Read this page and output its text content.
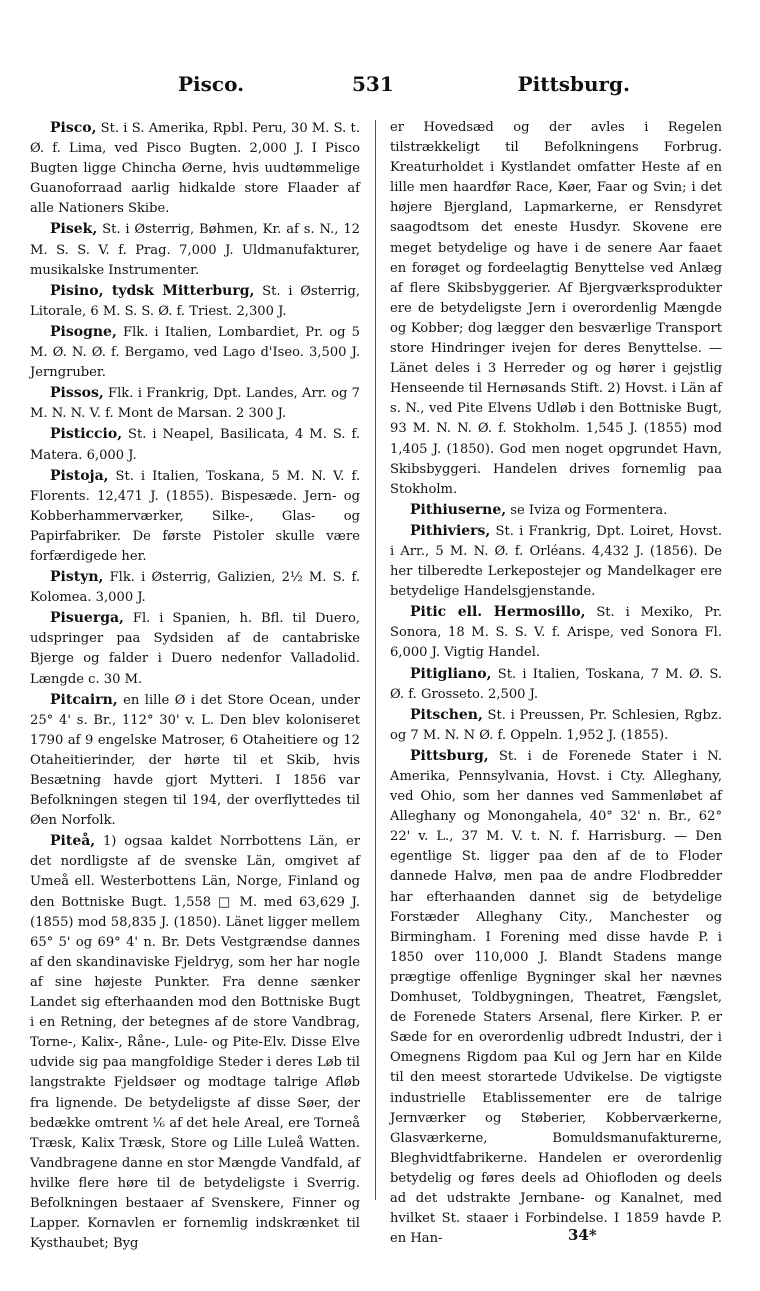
Pisco.	531	Pittsburg.

Pisco, St. i S. Amerika, Rpbl. Peru, 30 M. S. t. Ø. f. Lima, ved Pisco Bugten. 2,000 J. I Pisco Bugten ligge Chincha Øerne, hvis uudtømmelige Guanoforraad aarlig hidkalde store Flaader af alle Nationers Skibe.

Pisek, St. i Østerrig, Bøhmen, Kr. af s. N., 12 M. S. S. V. f. Prag. 7,000 J. Uldmanufakturer, musikalske Instrumenter.

Pisino, tydsk Mitterburg, St. i Østerrig, Litorale, 6 M. S. S. Ø. f. Triest. 2,300 J.

Pisogne, Flk. i Italien, Lombardiet, Pr. og 5 M. Ø. N. Ø. f. Bergamo, ved Lago d'Iseo. 3,500 J. Jerngruber.

Pissos, Flk. i Frankrig, Dpt. Landes, Arr. og 7 M. N. N. V. f. Mont de Marsan. 2 300 J.

Pisticcio, St. i Neapel, Basilicata, 4 M. S. f. Matera. 6,000 J.

Pistoja, St. i Italien, Toskana, 5 M. N. V. f. Florents. 12,471 J. (1855). Bispesæde. Jern- og Kobberhammerværker, Silke-, Glas- og Papirfabriker. De første Pistoler skulle være forfærdigede her.

Pistyn, Flk. i Østerrig, Galizien, 2½ M. S. f. Kolomea. 3,000 J.

Pisuerga, Fl. i Spanien, h. Bfl. til Duero, udspringer paa Sydsiden af de cantabriske Bjerge og falder i Duero nedenfor Valladolid. Længde c. 30 M.

Pitcairn, en lille Ø i det Store Ocean, under 25° 4' s. Br., 112° 30' v. L. Den blev koloniseret 1790 af 9 engelske Matroser, 6 Otaheitiere og 12 Otaheitierinder, der hørte til et Skib, hvis Besætning havde gjort Mytteri. I 1856 var Befolkningen stegen til 194, der overflyttedes til Øen Norfolk.

Piteå, 1) ogsaa kaldet Norrbottens Län, er det nordligste af de svenske Län, omgivet af Umeå ell. Westerbottens Län, Norge, Finland og den Bottniske Bugt. 1,558 □ M. med 63,629 J. (1855) mod 58,835 J. (1850). Länet ligger mellem 65° 5' og 69° 4' n. Br. Dets Vestgrændse dannes af den skandinaviske Fjeldryg, som her har nogle af sine højeste Punkter. Fra denne sænker Landet sig efterhaanden mod den Bottniske Bugt i en Retning, der betegnes af de store Vandbrag, Torne-, Kalix-, Råne-, Lule- og Pite-Elv. Disse Elve udvide sig paa mangfoldige Steder i deres Løb til langstrakte Fjeldsøer og modtage talrige Afløb fra lignende. De betydeligste af disse Søer, der bedække omtrent ⅙ af det hele Areal, ere Torneå Træsk, Kalix Træsk, Store og Lille Luleå Watten. Vandbragene danne en stor Mængde Vandfald, af hvilke flere høre til de betydeligste i Sverrig. Befolkningen bestaaer af Svenskere, Finner og Lapper. Kornavlen er fornemlig indskrænket til Kysthaubet; Byg

er Hovedsæd og der avles i Regelen tilstrækkeligt til Befolkningens Forbrug. Kreaturholdet i Kystlandet omfatter Heste af en lille men haardfør Race, Køer, Faar og Svin; i det højere Bjergland, Lapmarkerne, er Rensdyret saagodtsom det eneste Husdyr. Skovene ere meget betydelige og have i de senere Aar faaet en forøget og fordeelagtig Benyttelse ved Anlæg af flere Skibsbyggerier. Af Bjergværksprodukter ere de betydeligste Jern i overordenlig Mængde og Kobber; dog lægger den besværlige Transport store Hindringer ivejen for deres Benyttelse. — Länet deles i 3 Herreder og og hører i gejstlig Henseende til Hernøsands Stift. 2) Hovst. i Län af s. N., ved Pite Elvens Udløb i den Bottniske Bugt, 93 M. N. N. Ø. f. Stokholm. 1,545 J. (1855) mod 1,405 J. (1850). God men noget opgrundet Havn, Skibsbyggeri. Handelen drives fornemlig paa Stokholm.

Pithiuserne, se Iviza og Formentera.

Pithiviers, St. i Frankrig, Dpt. Loiret, Hovst. i Arr., 5 M. N. Ø. f. Orléans. 4,432 J. (1856). De her tilberedte Lerkepostejer og Mandelkager ere betydelige Handelsgjenstande.

Pitic ell. Hermosillo, St. i Mexiko, Pr. Sonora, 18 M. S. S. V. f. Arispe, ved Sonora Fl. 6,000 J. Vigtig Handel.

Pitigliano, St. i Italien, Toskana, 7 M. Ø. S. Ø. f. Grosseto. 2,500 J.

Pitschen, St. i Preussen, Pr. Schlesien, Rgbz. og 7 M. N. N Ø. f. Oppeln. 1,952 J. (1855).

Pittsburg, St. i de Forenede Stater i N. Amerika, Pennsylvania, Hovst. i Cty. Alleghany, ved Ohio, som her dannes ved Sammenløbet af Alleghany og Monongahela, 40° 32' n. Br., 62° 22' v. L., 37 M. V. t. N. f. Harrisburg. — Den egentlige St. ligger paa den af de to Floder dannede Halvø, men paa de andre Flodbredder har efterhaanden dannet sig de betydelige Forstæder Alleghany City., Manchester og Birmingham. I Forening med disse havde P. i 1850 over 110,000 J. Blandt Stadens mange prægtige offenlige Bygninger skal her nævnes Domhuset, Toldbygningen, Theatret, Fængslet, de Forenede Staters Arsenal, flere Kirker. P. er Sæde for en overordenlig udbredt Industri, der i Omegnens Rigdom paa Kul og Jern har en Kilde til den meest storartede Udvikelse. De vigtigste industrielle Etablissementer ere de talrige Jernværker og Støberier, Kobberværkerne, Glasværkerne, Bomuldsmanufakturerne, Bleghvidtfabrikerne. Handelen er overordenlig betydelig og føres deels ad Ohiofloden og deels ad det udstrakte Jernbane- og Kanalnet, med hvilket St. staaer i Forbindelse. I 1859 havde P. en Han-	34*
